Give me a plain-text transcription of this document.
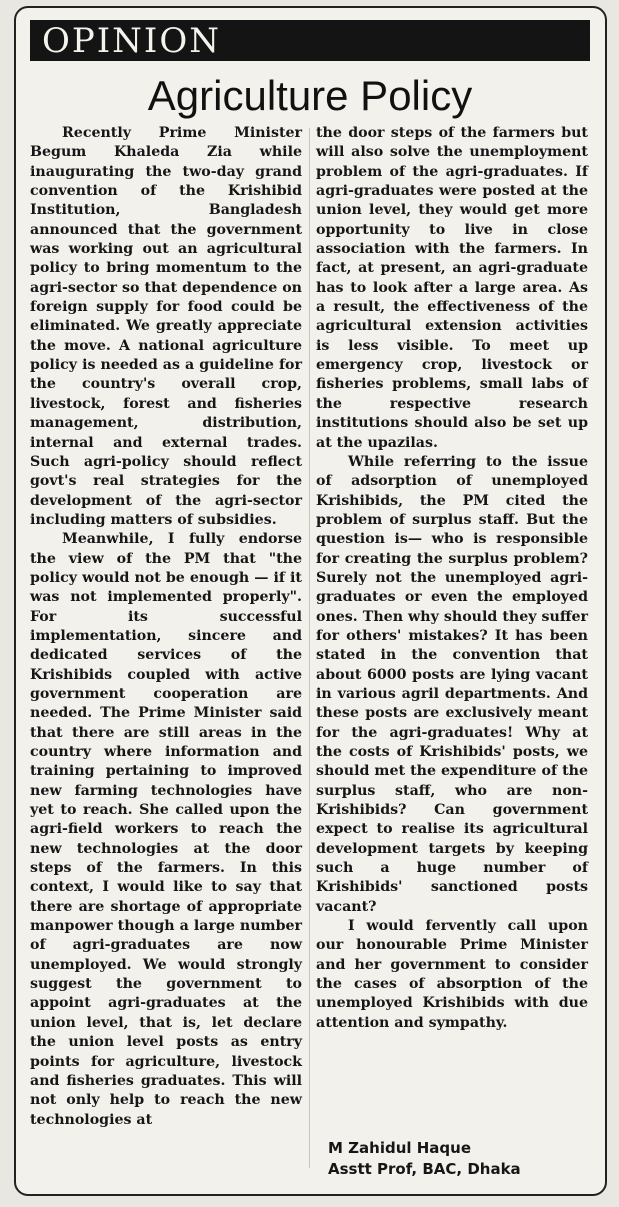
OPINION
Agriculture Policy

Recently Prime Minister Begum Khaleda Zia while inaugurating the two-day grand convention of the Krishibid Institution, Bangladesh announced that the government was working out an agricultural policy to bring momentum to the agri-sector so that dependence on foreign supply for food could be eliminated. We greatly appreciate the move. A national agriculture policy is needed as a guideline for the country's overall crop, livestock, forest and fisheries management, distribution, internal and external trades. Such agri-policy should reflect govt's real strategies for the development of the agri-sector including matters of subsidies.

Meanwhile, I fully endorse the view of the PM that "the policy would not be enough — if it was not implemented properly". For its successful implementation, sincere and dedicated services of the Krishibids coupled with active government cooperation are needed. The Prime Minister said that there are still areas in the country where information and training pertaining to improved new farming technologies have yet to reach. She called upon the agri-field workers to reach the new technologies at the door steps of the farmers. In this context, I would like to say that there are shortage of appropriate manpower though a large number of agri-graduates are now unemployed. We would strongly suggest the government to appoint agri-graduates at the union level, that is, let declare the union level posts as entry points for agriculture, livestock and fisheries graduates. This will not only help to reach the new technologies at

the door steps of the farmers but will also solve the unemployment problem of the agri-graduates. If agri-graduates were posted at the union level, they would get more opportunity to live in close association with the farmers. In fact, at present, an agri-graduate has to look after a large area. As a result, the effectiveness of the agricultural extension activities is less visible. To meet up emergency crop, livestock or fisheries problems, small labs of the respective research institutions should also be set up at the upazilas.

While referring to the issue of adsorption of unemployed Krishibids, the PM cited the problem of surplus staff. But the question is— who is responsible for creating the surplus problem? Surely not the unemployed agri-graduates or even the employed ones. Then why should they suffer for others' mistakes? It has been stated in the convention that about 6000 posts are lying vacant in various agril departments. And these posts are exclusively meant for the agri-graduates! Why at the costs of Krishibids' posts, we should met the expenditure of the surplus staff, who are non-Krishibids? Can government expect to realise its agricultural development targets by keeping such a huge number of Krishibids' sanctioned posts vacant?

I would fervently call upon our honourable Prime Minister and her government to consider the cases of absorption of the unemployed Krishibids with due attention and sympathy.

M Zahidul Haque
Asstt Prof, BAC, Dhaka
